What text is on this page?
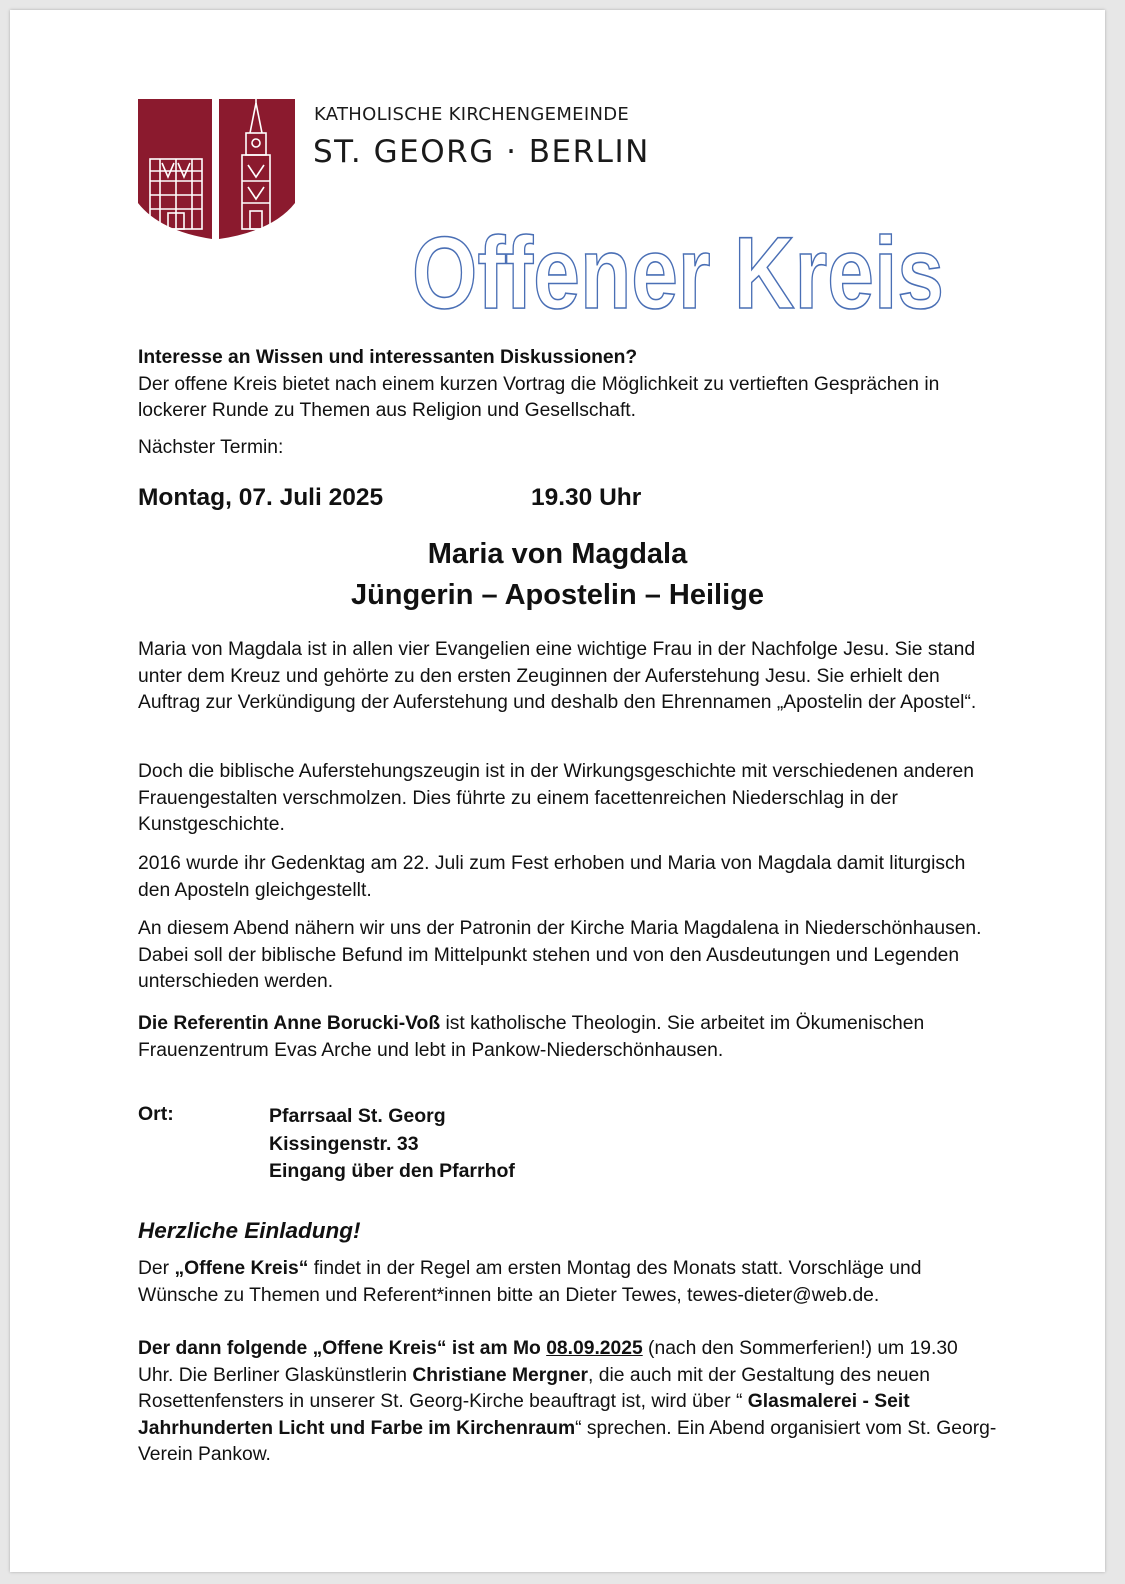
KATHOLISCHE KIRCHENGEMEINDE
ST. GEORG · BERLIN
Offener Kreis
Interesse an Wissen und interessanten Diskussionen?
Der offene Kreis bietet nach einem kurzen Vortrag die Möglichkeit zu vertieften Gesprächen in lockerer Runde zu Themen aus Religion und Gesellschaft.
Nächster Termin:
Montag, 07. Juli 2025	19.30 Uhr
Maria von Magdala
Jüngerin – Apostelin – Heilige
Maria von Magdala ist in allen vier Evangelien eine wichtige Frau in der Nachfolge Jesu. Sie stand unter dem Kreuz und gehörte zu den ersten Zeuginnen der Auferstehung Jesu. Sie erhielt den Auftrag zur Verkündigung der Auferstehung und deshalb den Ehrennamen „Apostelin der Apostel“.
Doch die biblische Auferstehungszeugin ist in der Wirkungsgeschichte mit verschiedenen anderen Frauengestalten verschmolzen. Dies führte zu einem facettenreichen Niederschlag in der Kunstgeschichte.
2016 wurde ihr Gedenktag am 22. Juli zum Fest erhoben und Maria von Magdala damit liturgisch den Aposteln gleichgestellt.
An diesem Abend nähern wir uns der Patronin der Kirche Maria Magdalena in Niederschönhausen. Dabei soll der biblische Befund im Mittelpunkt stehen und von den Ausdeutungen und Legenden unterschieden werden.
Die Referentin Anne Borucki-Voß ist katholische Theologin. Sie arbeitet im Ökumenischen Frauenzentrum Evas Arche und lebt in Pankow-Niederschönhausen.
Ort:	Pfarrsaal St. Georg
Kissingenstr. 33
Eingang über den Pfarrhof
Herzliche Einladung!
Der „Offene Kreis“ findet in der Regel am ersten Montag des Monats statt. Vorschläge und Wünsche zu Themen und Referent*innen bitte an Dieter Tewes, tewes-dieter@web.de.
Der dann folgende „Offene Kreis“ ist am Mo 08.09.2025 (nach den Sommerferien!) um 19.30 Uhr. Die Berliner Glaskünstlerin Christiane Mergner, die auch mit der Gestaltung des neuen Rosettenfensters in unserer St. Georg-Kirche beauftragt ist, wird über “ Glasmalerei - Seit Jahrhunderten Licht und Farbe im Kirchenraum“ sprechen. Ein Abend organisiert vom St. Georg-Verein Pankow.
